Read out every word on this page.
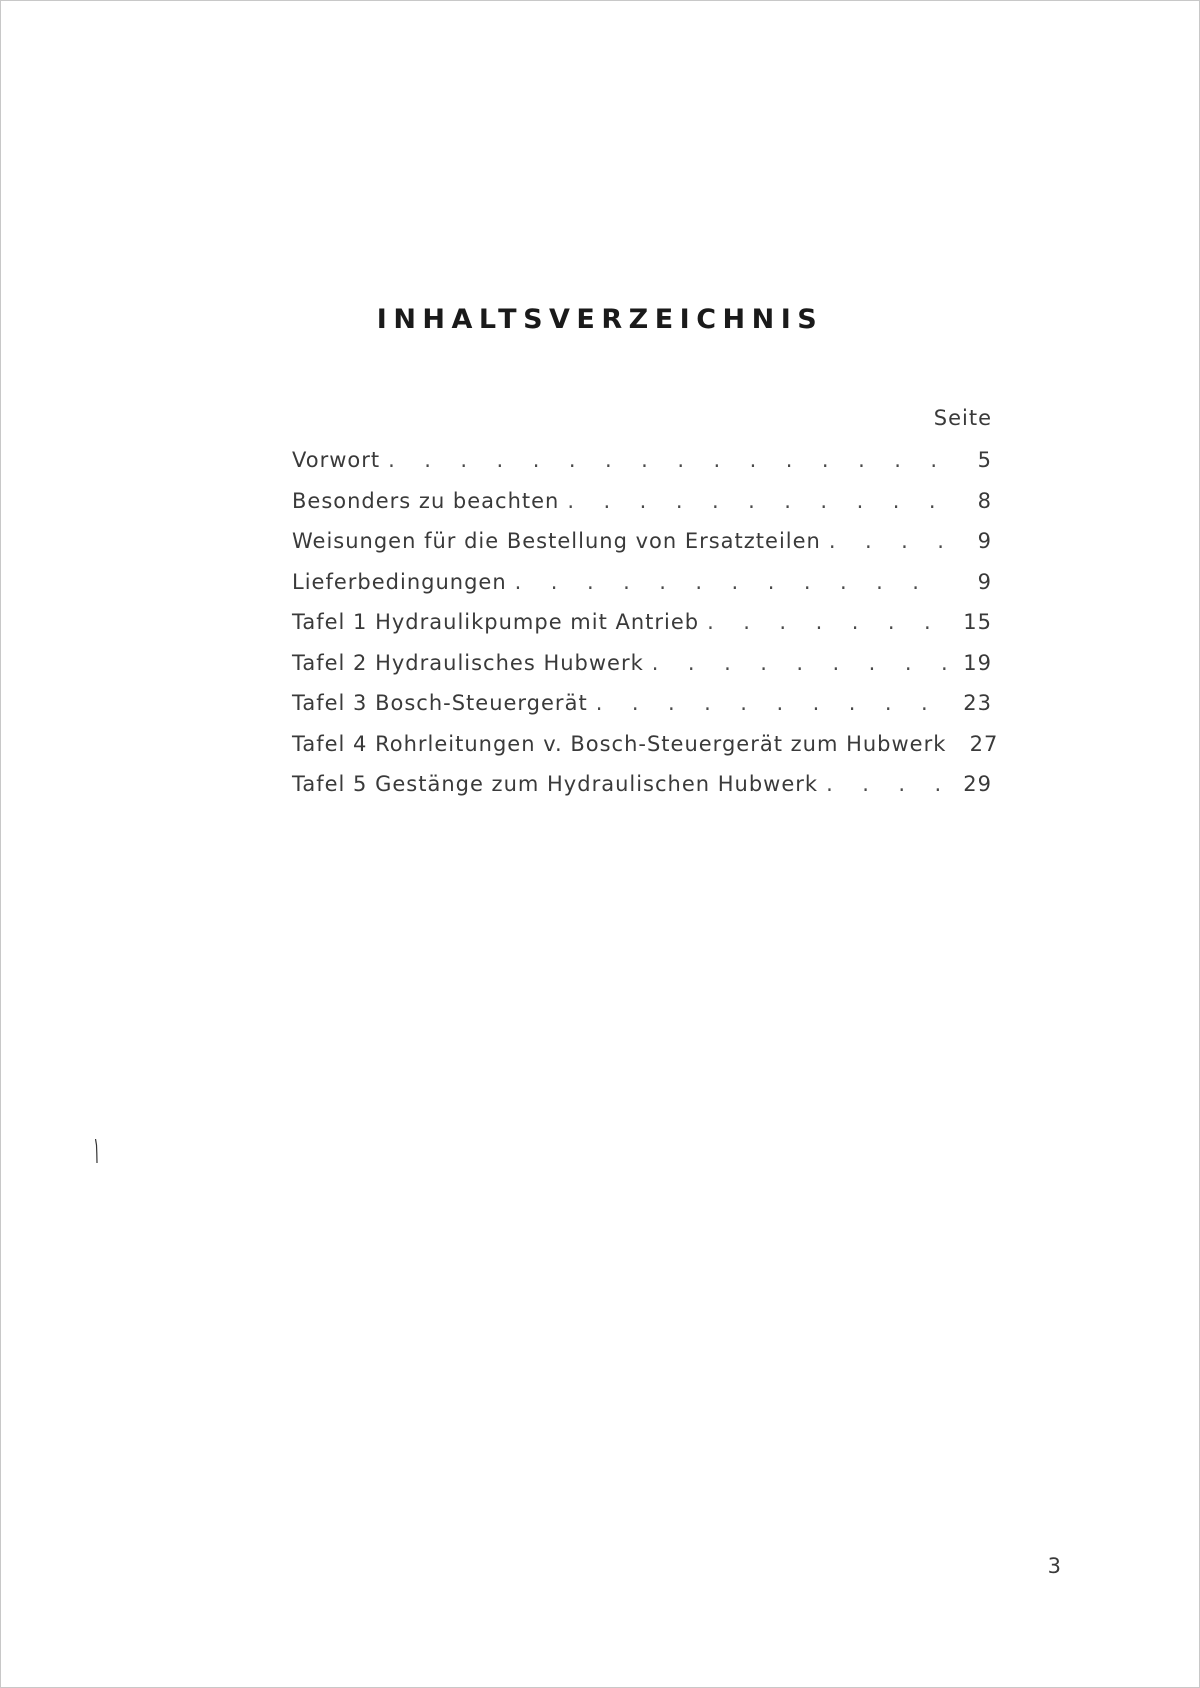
INHALTSVERZEICHNIS
Seite
Vorwort . . .	5
Besonders zu beachten . . .	8
Weisungen für die Bestellung von Ersatzteilen . . .	9
Lieferbedingungen . . .	9
Tafel 1 Hydraulikpumpe mit Antrieb . . .	15
Tafel 2 Hydraulisches Hubwerk . . .	19
Tafel 3 Bosch-Steuergerät . . .	23
Tafel 4 Rohrleitungen v. Bosch-Steuergerät zum Hubwerk	27
Tafel 5 Gestänge zum Hydraulischen Hubwerk . . .	29
3
